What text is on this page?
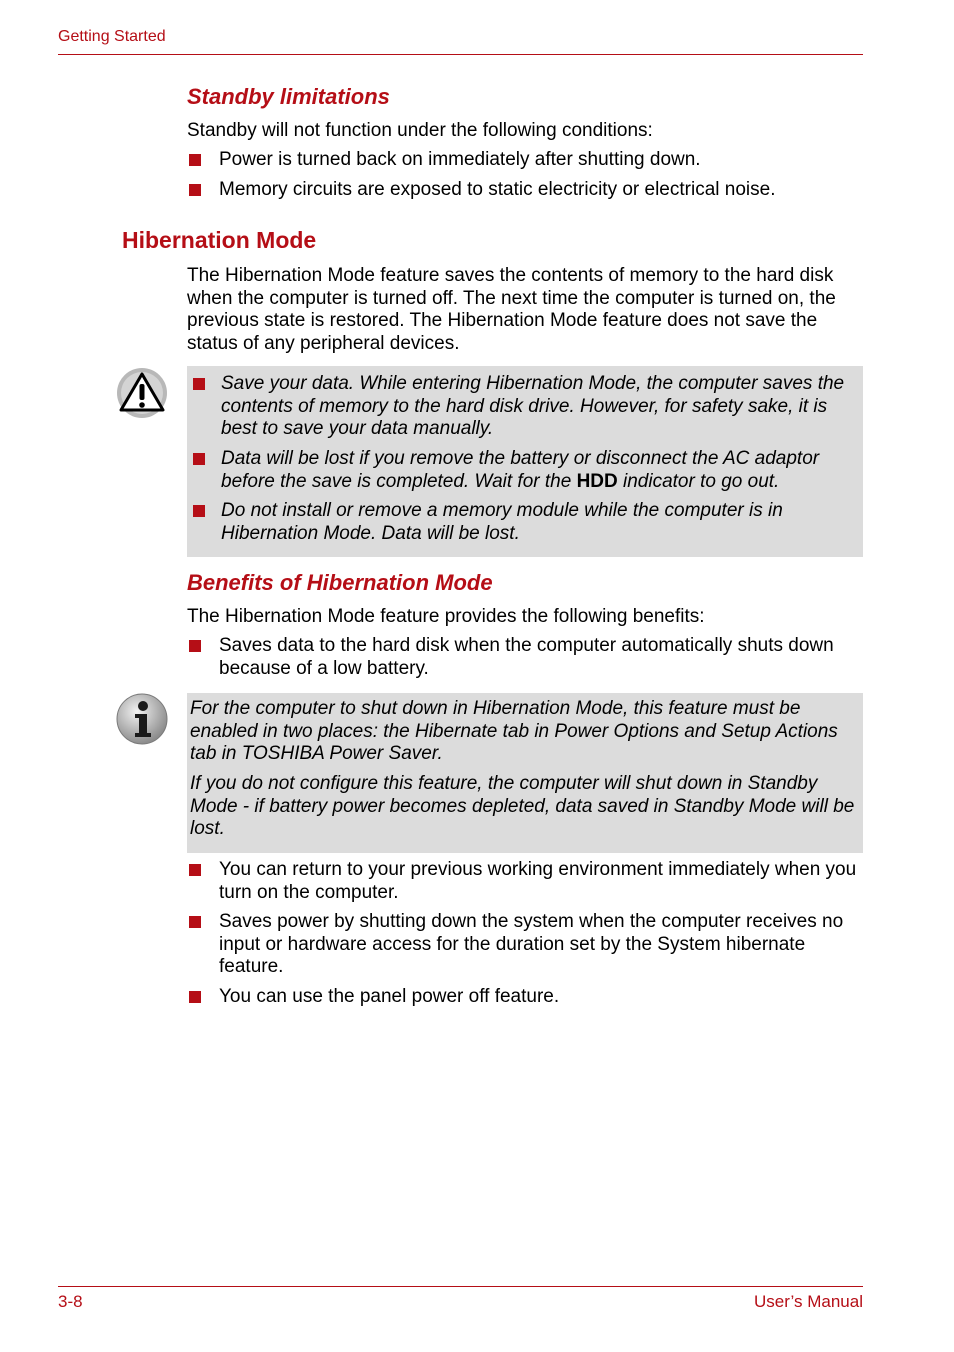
Getting Started
Standby limitations
Standby will not function under the following conditions:
Power is turned back on immediately after shutting down.
Memory circuits are exposed to static electricity or electrical noise.
Hibernation Mode
The Hibernation Mode feature saves the contents of memory to the hard disk when the computer is turned off. The next time the computer is turned on, the previous state is restored. The Hibernation Mode feature does not save the status of any peripheral devices.
Save your data. While entering Hibernation Mode, the computer saves the contents of memory to the hard disk drive. However, for safety sake, it is best to save your data manually.
Data will be lost if you remove the battery or disconnect the AC adaptor before the save is completed. Wait for the HDD indicator to go out.
Do not install or remove a memory module while the computer is in Hibernation Mode. Data will be lost.
Benefits of Hibernation Mode
The Hibernation Mode feature provides the following benefits:
Saves data to the hard disk when the computer automatically shuts down because of a low battery.
For the computer to shut down in Hibernation Mode, this feature must be enabled in two places: the Hibernate tab in Power Options and Setup Actions tab in TOSHIBA Power Saver.
If you do not configure this feature, the computer will shut down in Standby Mode - if battery power becomes depleted, data saved in Standby Mode will be lost.
You can return to your previous working environment immediately when you turn on the computer.
Saves power by shutting down the system when the computer receives no input or hardware access for the duration set by the System hibernate feature.
You can use the panel power off feature.
3-8	User’s Manual
